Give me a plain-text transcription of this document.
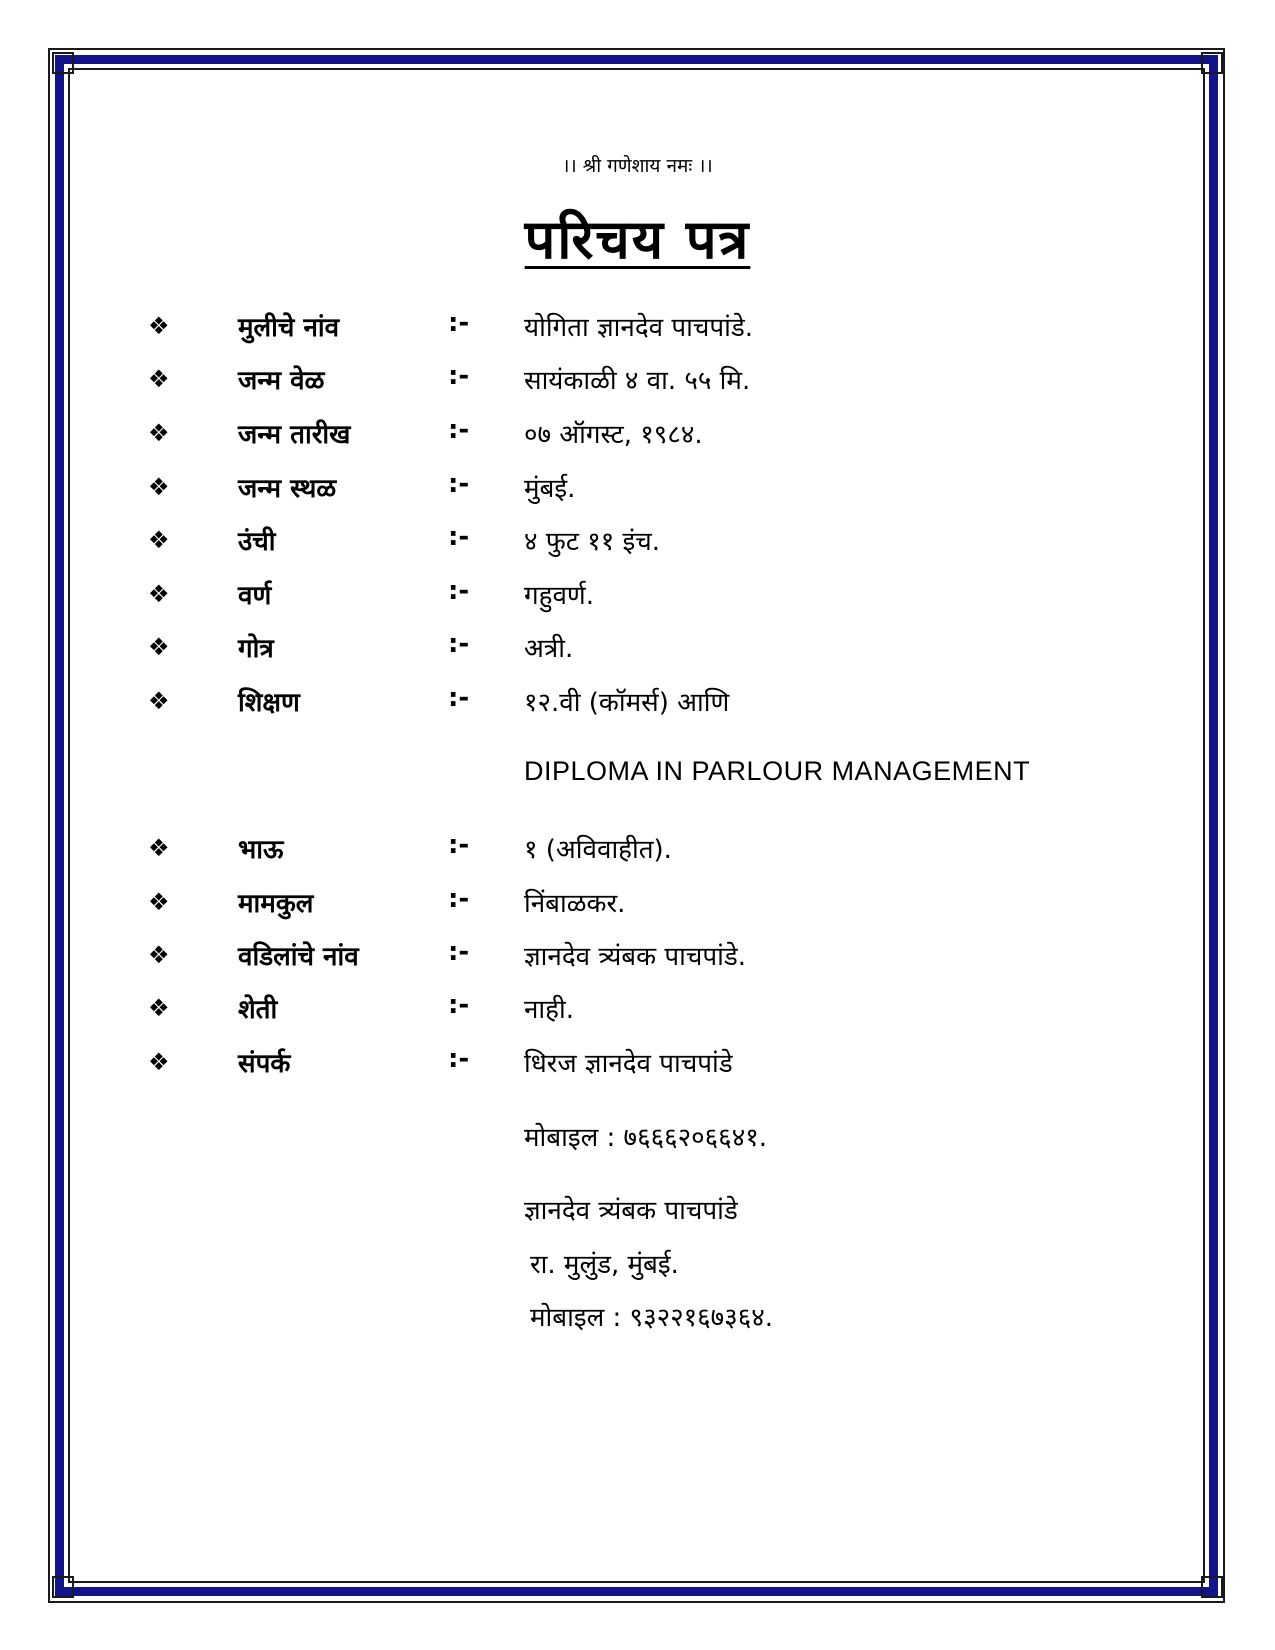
।। श्री गणेशाय नमः ।।
परिचय पत्र
❖	मुलीचे नांव	:- योगिता ज्ञानदेव पाचपांडे.
❖	जन्म वेळ	:- सायंकाळी ४ वा. ५५ मि.
❖	जन्म तारीख	:- ०७ ऑगस्ट, १९८४.
❖	जन्म स्थळ	:- मुंबई.
❖	उंची	:- ४ फुट ११ इंच.
❖	वर्ण	:- गहुवर्ण.
❖	गोत्र	:- अत्री.
❖	शिक्षण	:- १२.वी (कॉमर्स) आणि
DIPLOMA IN PARLOUR MANAGEMENT
❖	भाऊ	:- १ (अविवाहीत).
❖	मामकुल	:- निंबाळकर.
❖	वडिलांचे नांव	:- ज्ञानदेव त्र्यंबक पाचपांडे.
❖	शेती	:- नाही.
❖	संपर्क	:- धिरज ज्ञानदेव पाचपांडे
मोबाइल : ७६६६२०६६४१.
ज्ञानदेव त्र्यंबक पाचपांडे
रा. मुलुंड, मुंबई.
मोबाइल : ९३२२१६७३६४.
